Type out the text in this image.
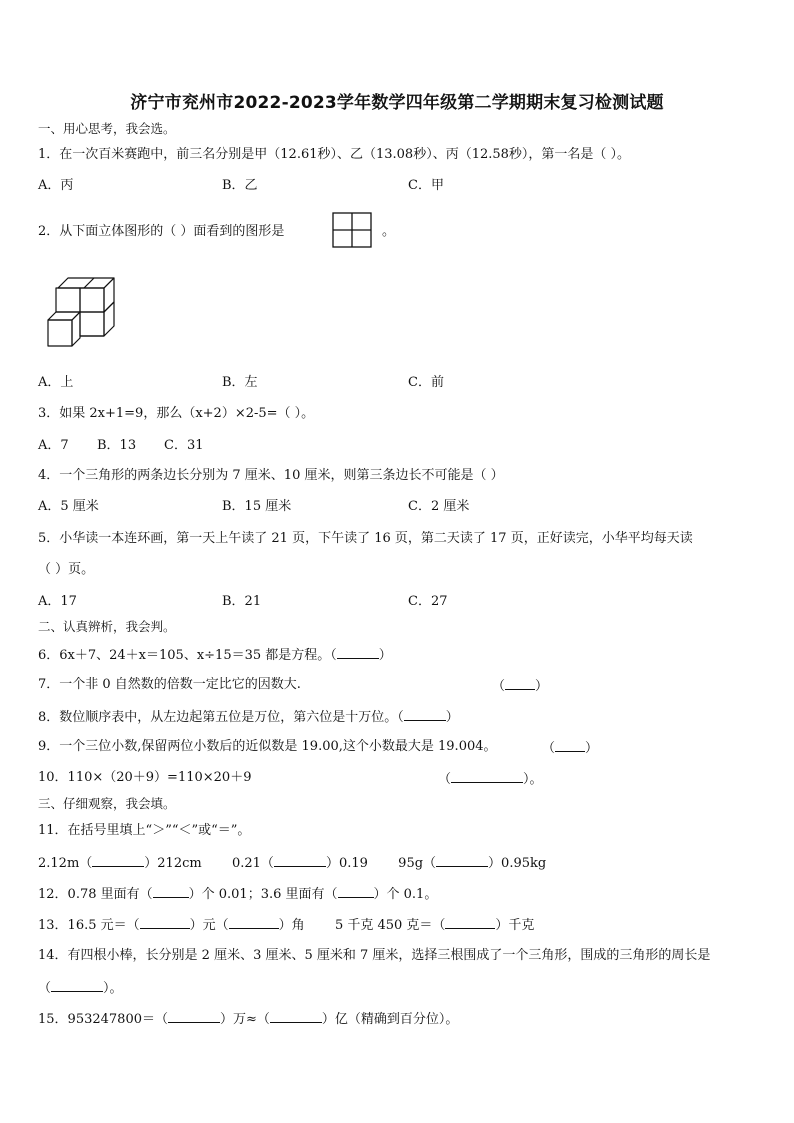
济宁市兖州市2022-2023学年数学四年级第二学期期末复习检测试题
一、用心思考，我会选。
1．在一次百米赛跑中，前三名分别是甲（12.61秒）、乙（13.08秒）、丙（12.58秒），第一名是（ ）。
A．丙	B．乙	C．甲
2．从下面立体图形的（ ）面看到的图形是	。
A．上	B．左	C．前
3．如果 2x+1=9，那么（x+2）×2-5=（ ）。
A．7 B．13 C．31
4．一个三角形的两条边长分别为 7 厘米、10 厘米，则第三条边长不可能是（ ）
A．5 厘米	B．15 厘米	C．2 厘米
5．小华读一本连环画，第一天上午读了 21 页，下午读了 16 页，第二天读了 17 页，正好读完，小华平均每天读
（ ）页。
A．17	B．21	C．27
二、认真辨析，我会判。
6．6x＋7、24＋x＝105、x÷15＝35 都是方程。（	）
7．一个非 0 自然数的倍数一定比它的因数大.	（ ）
8．数位顺序表中，从左边起第五位是万位，第六位是十万位。（	）
9．一个三位小数,保留两位小数后的近似数是 19.00,这个小数最大是 19.004。	（ ）
10．110×（20＋9）=110×20＋9	（	）。
三、仔细观察，我会填。
11．在括号里填上“＞”“＜”或“＝”。
2.12m（	）212cm 0.21（	）0.19 95g（	）0.95kg
12．0.78 里面有（	）个 0.01；3.6 里面有（	）个 0.1。
13．16.5 元＝（	）元（	）角 5 千克 450 克＝（	）千克
14．有四根小棒，长分别是 2 厘米、3 厘米、5 厘米和 7 厘米，选择三根围成了一个三角形，围成的三角形的周长是
（	）。
15．953247800＝（	）万≈（	）亿（精确到百分位）。
